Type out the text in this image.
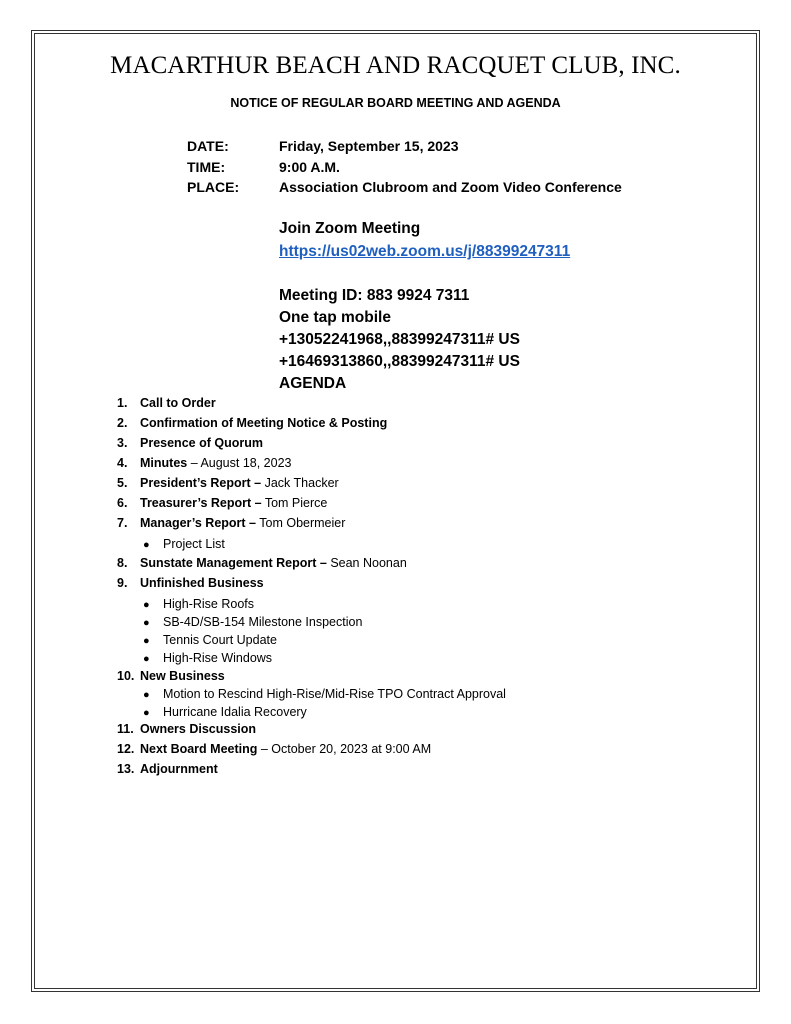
MACARTHUR BEACH AND RACQUET CLUB, INC.
NOTICE OF REGULAR BOARD MEETING AND AGENDA
DATE:	Friday, September 15, 2023
TIME:	9:00 A.M.
PLACE:	Association Clubroom and Zoom Video Conference
Join Zoom Meeting
https://us02web.zoom.us/j/88399247311
Meeting ID: 883 9924 7311
One tap mobile
+13052241968,,88399247311# US
+16469313860,,88399247311# US
AGENDA
1. Call to Order
2. Confirmation of Meeting Notice & Posting
3. Presence of Quorum
4. Minutes – August 18, 2023
5. President’s Report – Jack Thacker
6. Treasurer’s Report – Tom Pierce
7. Manager’s Report – Tom Obermeier
● Project List
8. Sunstate Management Report – Sean Noonan
9. Unfinished Business
● High-Rise Roofs
● SB-4D/SB-154 Milestone Inspection
● Tennis Court Update
● High-Rise Windows
10. New Business
● Motion to Rescind High-Rise/Mid-Rise TPO Contract Approval
● Hurricane Idalia Recovery
11. Owners Discussion
12. Next Board Meeting – October 20, 2023 at 9:00 AM
13. Adjournment
